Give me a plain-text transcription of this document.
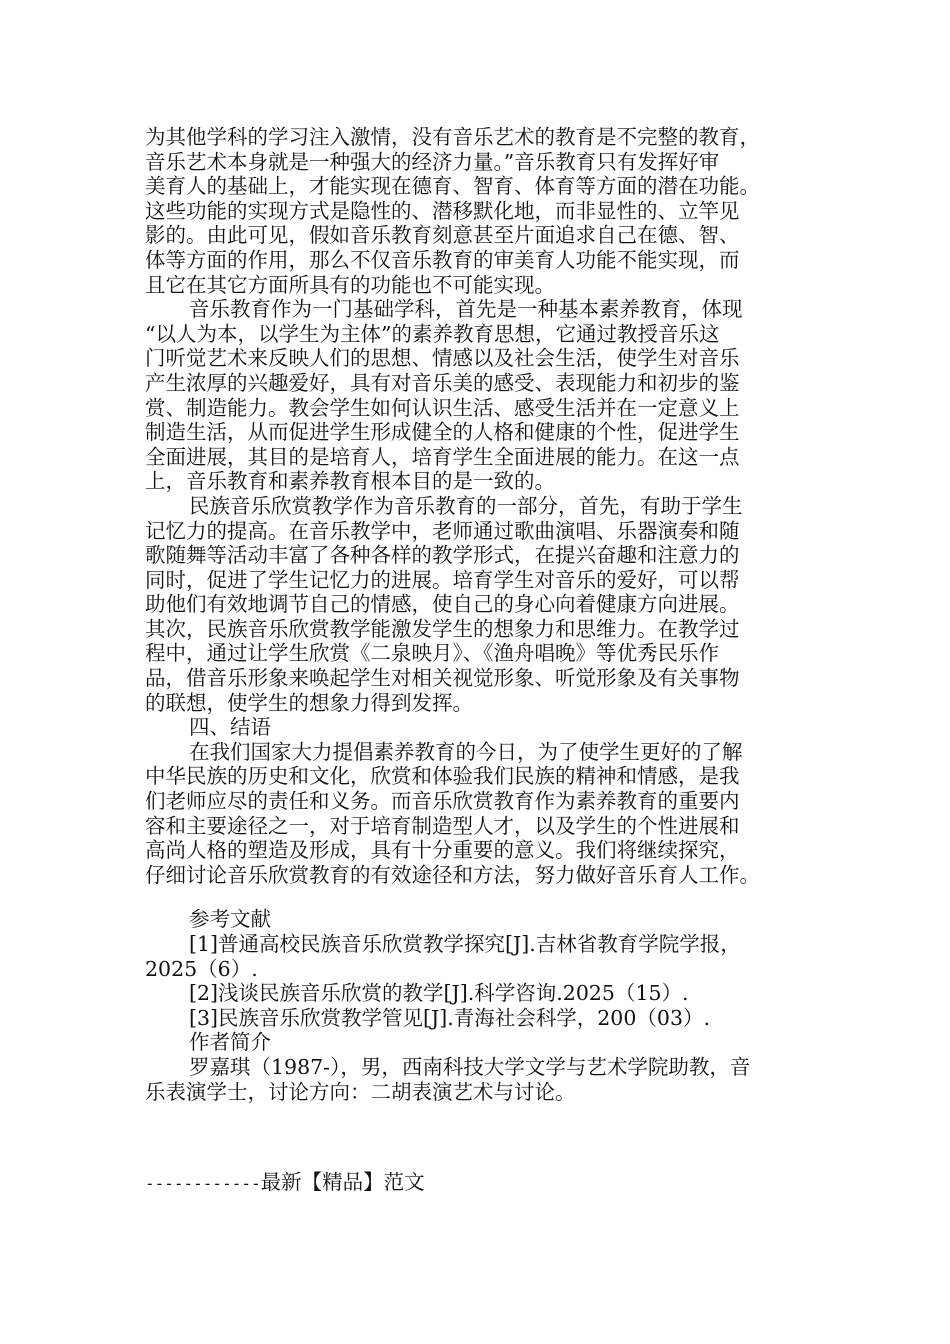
为其他学科的学习注入激情，没有音乐艺术的教育是不完整的教育，
音乐艺术本身就是一种强大的经济力量。”音乐教育只有发挥好审
美育人的基础上，才能实现在德育、智育、体育等方面的潜在功能。
这些功能的实现方式是隐性的、潜移默化地，而非显性的、立竿见
影的。由此可见，假如音乐教育刻意甚至片面追求自己在德、智、
体等方面的作用，那么不仅音乐教育的审美育人功能不能实现，而
且它在其它方面所具有的功能也不可能实现。
音乐教育作为一门基础学科，首先是一种基本素养教育，体现
“以人为本，以学生为主体”的素养教育思想，它通过教授音乐这
门听觉艺术来反映人们的思想、情感以及社会生活，使学生对音乐
产生浓厚的兴趣爱好，具有对音乐美的感受、表现能力和初步的鉴
赏、制造能力。教会学生如何认识生活、感受生活并在一定意义上
制造生活，从而促进学生形成健全的人格和健康的个性，促进学生
全面进展，其目的是培育人，培育学生全面进展的能力。在这一点
上，音乐教育和素养教育根本目的是一致的。
民族音乐欣赏教学作为音乐教育的一部分，首先，有助于学生
记忆力的提高。在音乐教学中，老师通过歌曲演唱、乐器演奏和随
歌随舞等活动丰富了各种各样的教学形式，在提兴奋趣和注意力的
同时，促进了学生记忆力的进展。培育学生对音乐的爱好，可以帮
助他们有效地调节自己的情感，使自己的身心向着健康方向进展。
其次，民族音乐欣赏教学能激发学生的想象力和思维力。在教学过
程中，通过让学生欣赏《二泉映月》、《渔舟唱晚》等优秀民乐作
品，借音乐形象来唤起学生对相关视觉形象、听觉形象及有关事物
的联想，使学生的想象力得到发挥。
四、结语
在我们国家大力提倡素养教育的今日，为了使学生更好的了解
中华民族的历史和文化，欣赏和体验我们民族的精神和情感，是我
们老师应尽的责任和义务。而音乐欣赏教育作为素养教育的重要内
容和主要途径之一，对于培育制造型人才，以及学生的个性进展和
高尚人格的塑造及形成，具有十分重要的意义。我们将继续探究，
仔细讨论音乐欣赏教育的有效途径和方法，努力做好音乐育人工作。
参考文献
[1]普通高校民族音乐欣赏教学探究[J].吉林省教育学院学报，
2025（6）.
[2]浅谈民族音乐欣赏的教学[J].科学咨询.2025（15）.
[3]民族音乐欣赏教学管见[J].青海社会科学，200（03）.
作者简介
罗嘉琪（1987-），男，西南科技大学文学与艺术学院助教，音
乐表演学士，讨论方向：二胡表演艺术与讨论。
------------最新【精品】范文
